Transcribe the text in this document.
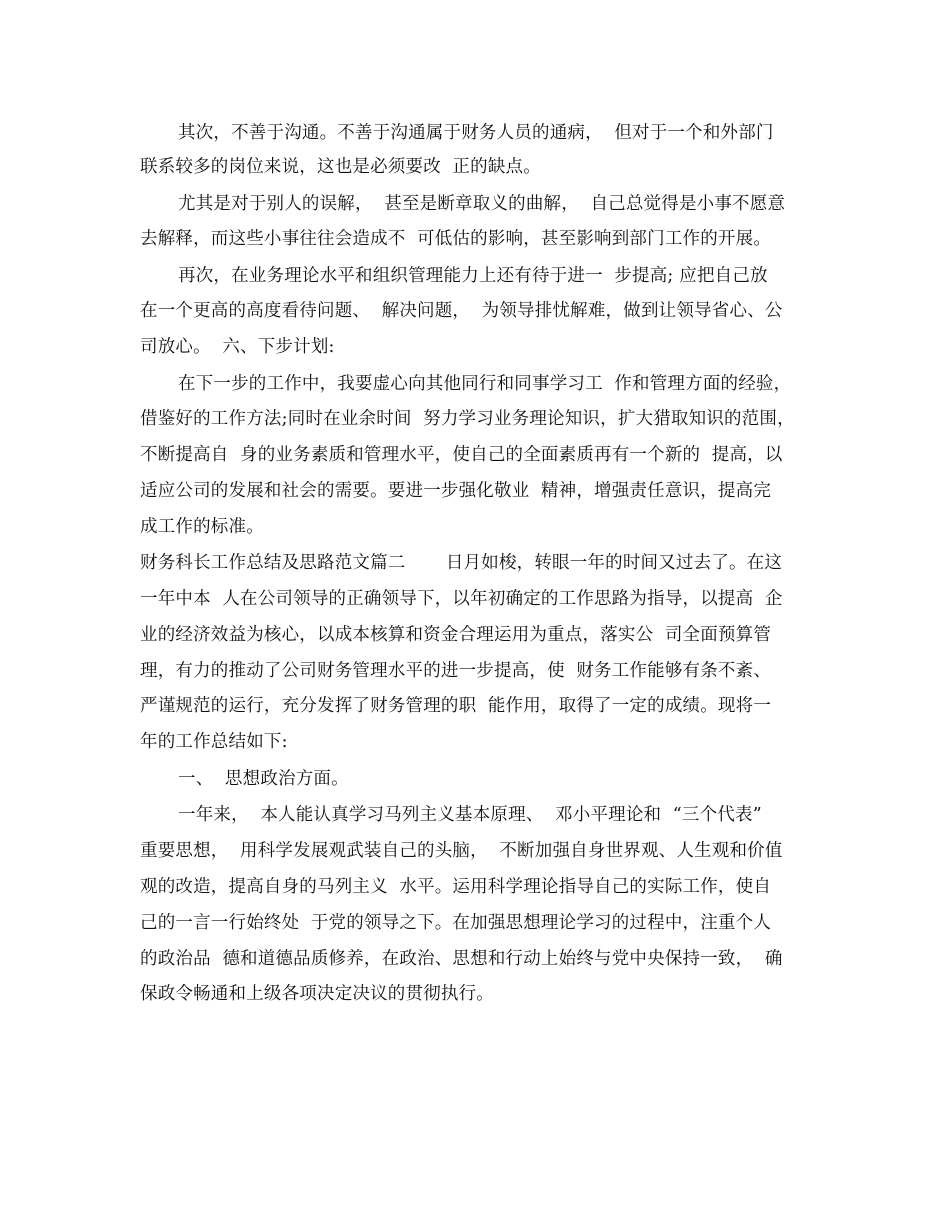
其次，不善于沟通。不善于沟通属于财务人员的通病，  但对于一个和外部门
联系较多的岗位来说，这也是必须要改  正的缺点。
尤其是对于别人的误解，  甚至是断章取义的曲解，  自己总觉得是小事不愿意
去解释，而这些小事往往会造成不  可低估的影响，甚至影响到部门工作的开展。
再次，在业务理论水平和组织管理能力上还有待于进一  步提高; 应把自己放
在一个更高的高度看待问题、  解决问题，  为领导排忧解难，做到让领导省心、公
司放心。  六、下步计划:
在下一步的工作中，我要虚心向其他同行和同事学习工  作和管理方面的经验，
借鉴好的工作方法;同时在业余时间  努力学习业务理论知识，扩大猎取知识的范围，
不断提高自  身的业务素质和管理水平，使自己的全面素质再有一个新的  提高，以
适应公司的发展和社会的需要。要进一步强化敬业  精神，增强责任意识，提高完
成工作的标准。
财务科长工作总结及思路范文篇二       日月如梭，转眼一年的时间又过去了。在这
一年中本  人在公司领导的正确领导下，以年初确定的工作思路为指导，以提高  企
业的经济效益为核心，以成本核算和资金合理运用为重点，落实公  司全面预算管
理，有力的推动了公司财务管理水平的进一步提高，使  财务工作能够有条不紊、
严谨规范的运行，充分发挥了财务管理的职  能作用，取得了一定的成绩。现将一
年的工作总结如下:
一、  思想政治方面。
一年来，  本人能认真学习马列主义基本原理、  邓小平理论和  “三个代表”
重要思想，  用科学发展观武装自己的头脑，  不断加强自身世界观、人生观和价值
观的改造，提高自身的马列主义  水平。运用科学理论指导自己的实际工作，使自
己的一言一行始终处  于党的领导之下。在加强思想理论学习的过程中，注重个人
的政治品  德和道德品质修养，在政治、思想和行动上始终与党中央保持一致，  确
保政令畅通和上级各项决定决议的贯彻执行。
